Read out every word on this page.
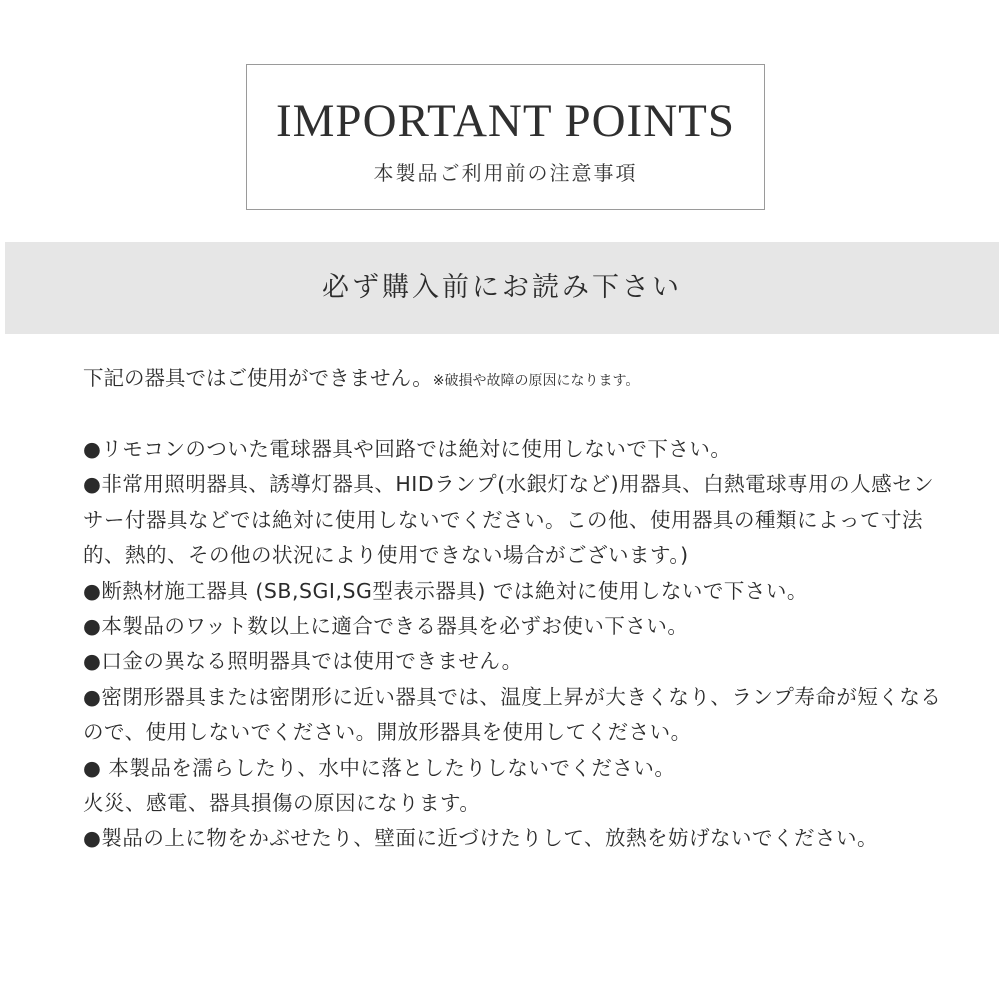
IMPORTANT POINTS
本製品ご利用前の注意事項
必ず購入前にお読み下さい
下記の器具ではご使用ができません。※破損や故障の原因になります。
●リモコンのついた電球器具や回路では絶対に使用しないで下さい。
●非常用照明器具、誘導灯器具、HIDランプ(水銀灯など)用器具、白熱電球専用の人感センサー付器具などでは絶対に使用しないでください。この他、使用器具の種類によって寸法的、熱的、その他の状況により使用できない場合がございます。)
●断熱材施工器具 (SB,SGI,SG型表示器具) では絶対に使用しないで下さい。
●本製品のワット数以上に適合できる器具を必ずお使い下さい。
●口金の異なる照明器具では使用できません。
●密閉形器具または密閉形に近い器具では、温度上昇が大きくなり、ランプ寿命が短くなるので、使用しないでください。開放形器具を使用してください。
● 本製品を濡らしたり、水中に落としたりしないでください。
火災、感電、器具損傷の原因になります。
●製品の上に物をかぶせたり、壁面に近づけたりして、放熱を妨げないでください。
